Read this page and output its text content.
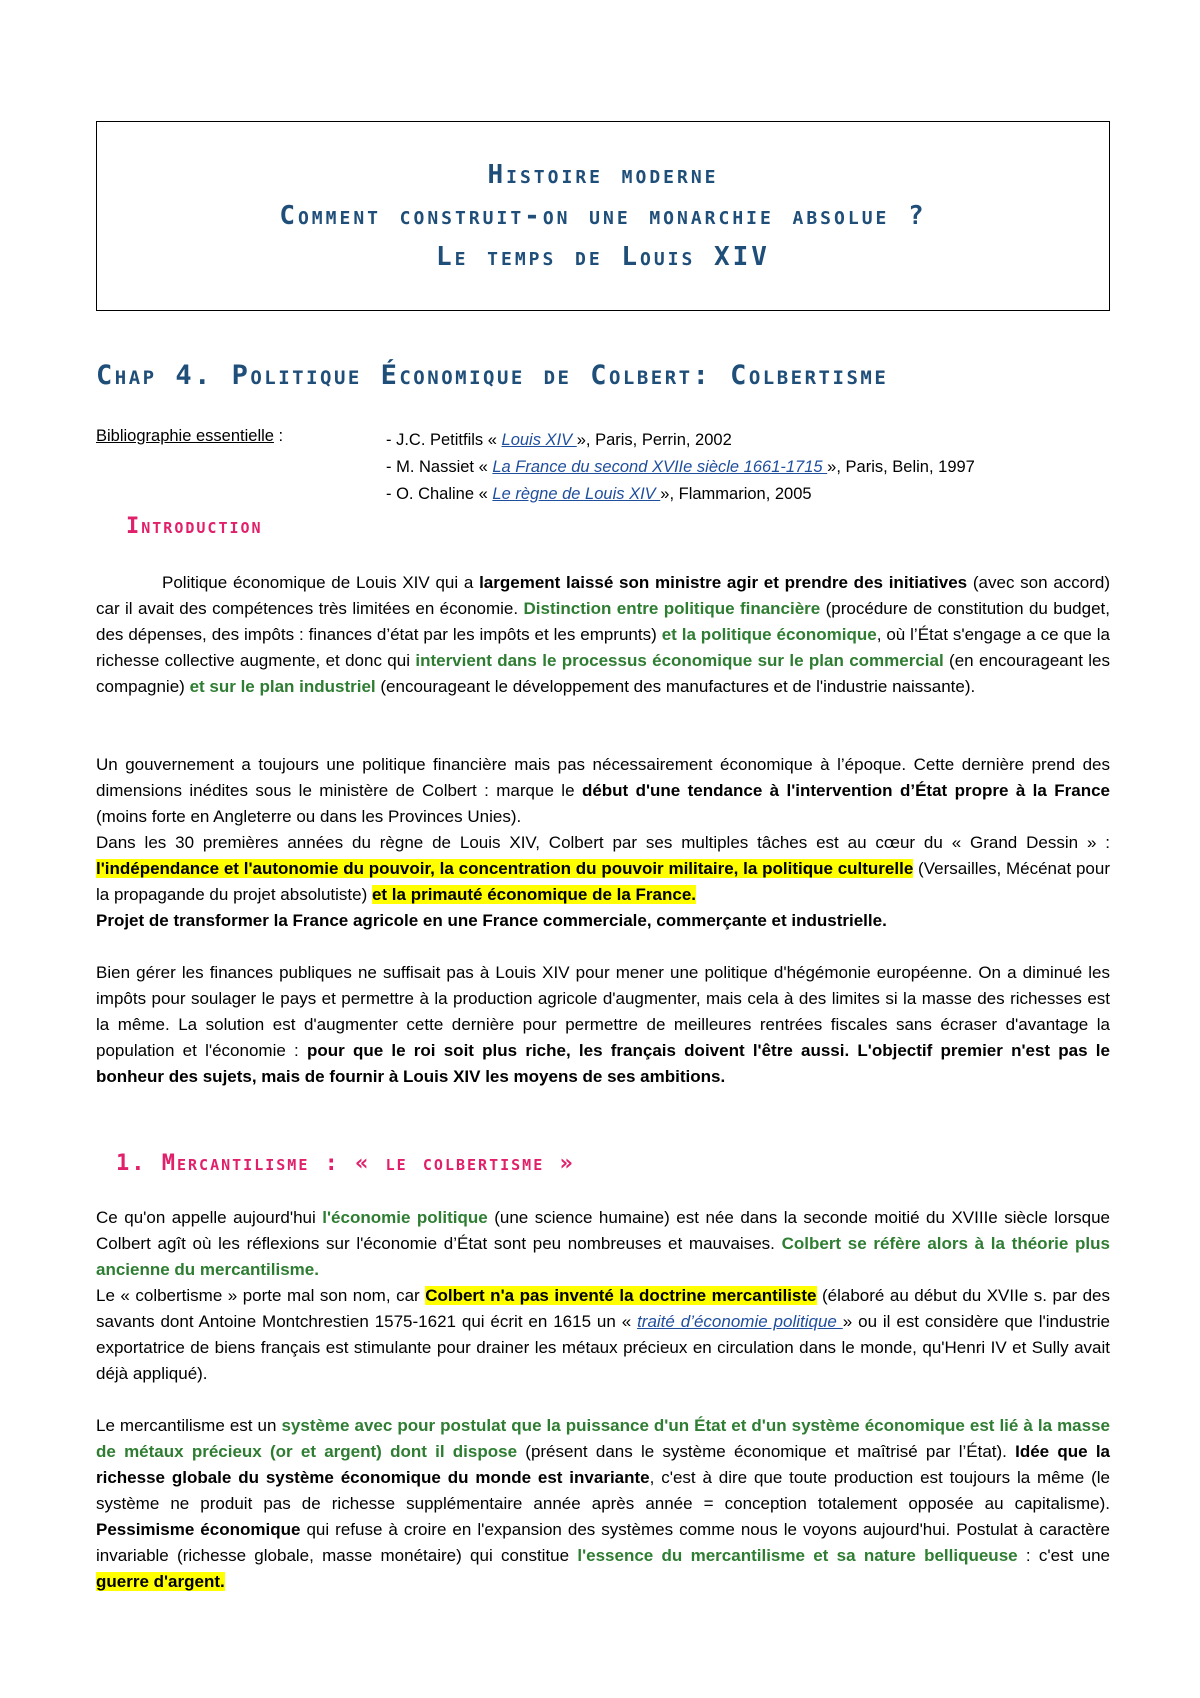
Histoire moderne
Comment construit-on une monarchie absolue ?
Le temps de Louis XIV
Chap 4. Politique Économique de Colbert: Colbertisme
Bibliographie essentielle :	- J.C. Petitfils « Louis XIV », Paris, Perrin, 2002
- M. Nassiet « La France du second XVIIe siècle 1661-1715 », Paris, Belin, 1997
- O. Chaline « Le règne de Louis XIV », Flammarion, 2005
Introduction
Politique économique de Louis XIV qui a largement laissé son ministre agir et prendre des initiatives (avec son accord) car il avait des compétences très limitées en économie. Distinction entre politique financière (procédure de constitution du budget, des dépenses, des impôts : finances d’état par les impôts et les emprunts) et la politique économique, où l’État s'engage a ce que la richesse collective augmente, et donc qui intervient dans le processus économique sur le plan commercial (en encourageant les compagnie) et sur le plan industriel (encourageant le développement des manufactures et de l'industrie naissante).
Un gouvernement a toujours une politique financière mais pas nécessairement économique à l’époque. Cette dernière prend des dimensions inédites sous le ministère de Colbert : marque le début d'une tendance à l'intervention d’État propre à la France (moins forte en Angleterre ou dans les Provinces Unies).
Dans les 30 premières années du règne de Louis XIV, Colbert par ses multiples tâches est au cœur du « Grand Dessin » : l'indépendance et l'autonomie du pouvoir, la concentration du pouvoir militaire, la politique culturelle (Versailles, Mécénat pour la propagande du projet absolutiste) et la primauté économique de la France.
Projet de transformer la France agricole en une France commerciale, commerçante et industrielle.
Bien gérer les finances publiques ne suffisait pas à Louis XIV pour mener une politique d'hégémonie européenne. On a diminué les impôts pour soulager le pays et permettre à la production agricole d'augmenter, mais cela à des limites si la masse des richesses est la même. La solution est d'augmenter cette dernière pour permettre de meilleures rentrées fiscales sans écraser d'avantage la population et l'économie : pour que le roi soit plus riche, les français doivent l'être aussi. L'objectif premier n'est pas le bonheur des sujets, mais de fournir à Louis XIV les moyens de ses ambitions.
1. Mercantilisme : « le colbertisme »
Ce qu'on appelle aujourd'hui l'économie politique (une science humaine) est née dans la seconde moitié du XVIIIe siècle lorsque Colbert agît où les réflexions sur l'économie d’État sont peu nombreuses et mauvaises. Colbert se réfère alors à la théorie plus ancienne du mercantilisme.
Le « colbertisme » porte mal son nom, car Colbert n'a pas inventé la doctrine mercantiliste (élaboré au début du XVIIe s. par des savants dont Antoine Montchrestien 1575-1621 qui écrit en 1615 un « traité d’économie politique » ou il est considère que l'industrie exportatrice de biens français est stimulante pour drainer les métaux précieux en circulation dans le monde, qu'Henri IV et Sully avait déjà appliqué).
Le mercantilisme est un système avec pour postulat que la puissance d'un État et d'un système économique est lié à la masse de métaux précieux (or et argent) dont il dispose (présent dans le système économique et maîtrisé par l’État). Idée que la richesse globale du système économique du monde est invariante, c'est à dire que toute production est toujours la même (le système ne produit pas de richesse supplémentaire année après année = conception totalement opposée au capitalisme). Pessimisme économique qui refuse à croire en l'expansion des systèmes comme nous le voyons aujourd'hui. Postulat à caractère invariable (richesse globale, masse monétaire) qui constitue l'essence du mercantilisme et sa nature belliqueuse : c'est une guerre d'argent.
